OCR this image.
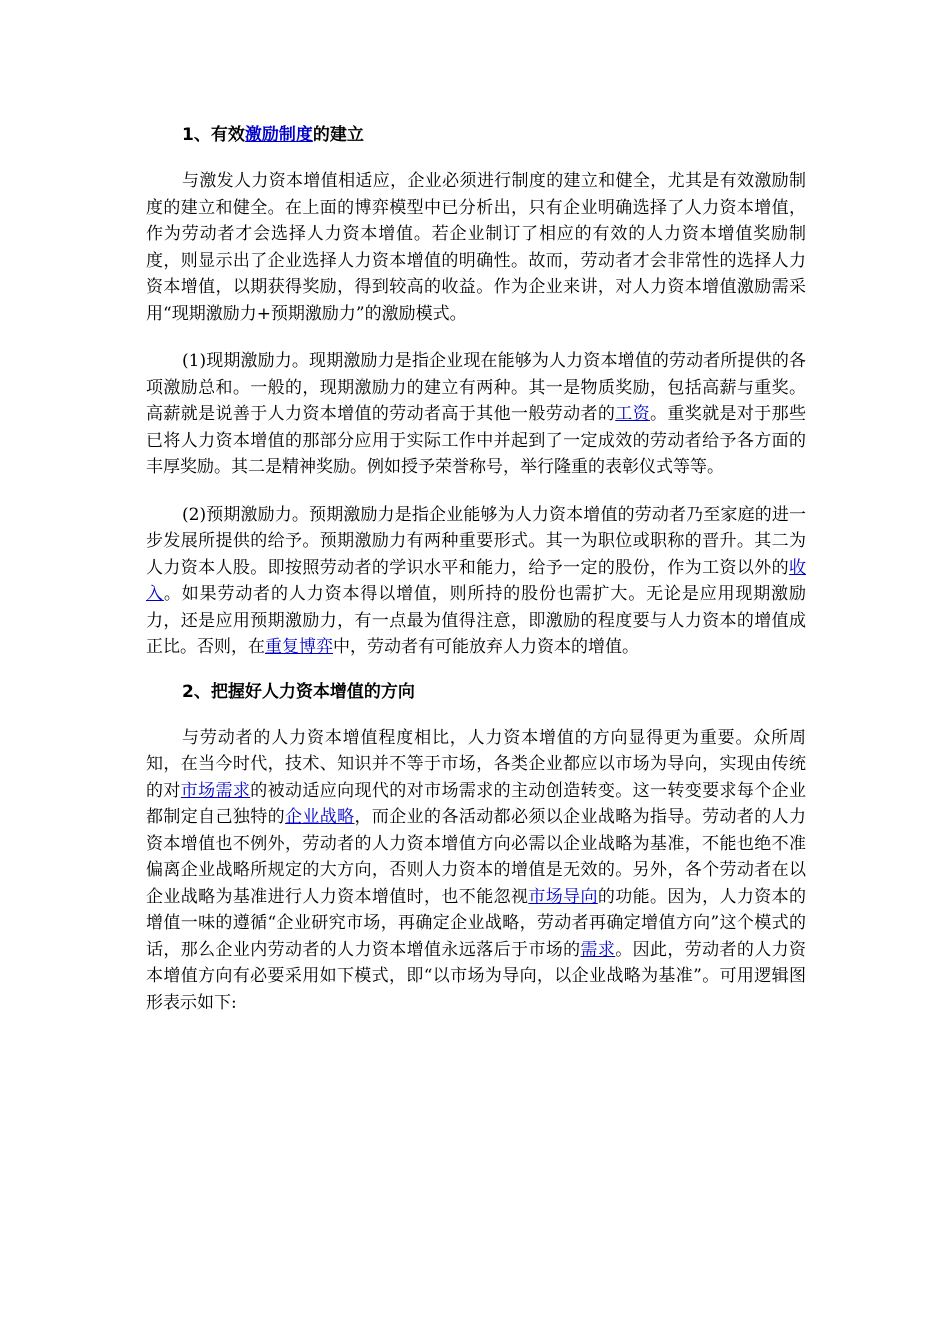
1、有效激励制度的建立

与激发人力资本增值相适应，企业必须进行制度的建立和健全，尤其是有效激励制度的建立和健全。在上面的博弈模型中已分析出，只有企业明确选择了人力资本增值，作为劳动者才会选择人力资本增值。若企业制订了相应的有效的人力资本增值奖励制度，则显示出了企业选择人力资本增值的明确性。故而，劳动者才会非常性的选择人力资本增值，以期获得奖励，得到较高的收益。作为企业来讲，对人力资本增值激励需采用“现期激励力+预期激励力”的激励模式。

(1)现期激励力。现期激励力是指企业现在能够为人力资本增值的劳动者所提供的各项激励总和。一般的，现期激励力的建立有两种。其一是物质奖励，包括高薪与重奖。高薪就是说善于人力资本增值的劳动者高于其他一般劳动者的工资。重奖就是对于那些已将人力资本增值的那部分应用于实际工作中并起到了一定成效的劳动者给予各方面的丰厚奖励。其二是精神奖励。例如授予荣誉称号，举行隆重的表彰仪式等等。

(2)预期激励力。预期激励力是指企业能够为人力资本增值的劳动者乃至家庭的进一步发展所提供的给予。预期激励力有两种重要形式。其一为职位或职称的晋升。其二为人力资本人股。即按照劳动者的学识水平和能力，给予一定的股份，作为工资以外的收入。如果劳动者的人力资本得以增值，则所持的股份也需扩大。无论是应用现期激励力，还是应用预期激励力，有一点最为值得注意，即激励的程度要与人力资本的增值成正比。否则，在重复博弈中，劳动者有可能放弃人力资本的增值。

2、把握好人力资本增值的方向

与劳动者的人力资本增值程度相比，人力资本增值的方向显得更为重要。众所周知，在当今时代，技术、知识并不等于市场，各类企业都应以市场为导向，实现由传统的对市场需求的被动适应向现代的对市场需求的主动创造转变。这一转变要求每个企业都制定自己独特的企业战略，而企业的各活动都必须以企业战略为指导。劳动者的人力资本增值也不例外，劳动者的人力资本增值方向必需以企业战略为基准，不能也绝不准偏离企业战略所规定的大方向，否则人力资本的增值是无效的。另外，各个劳动者在以企业战略为基准进行人力资本增值时，也不能忽视市场导向的功能。因为，人力资本的增值一味的遵循“企业研究市场，再确定企业战略，劳动者再确定增值方向”这个模式的话，那么企业内劳动者的人力资本增值永远落后于市场的需求。因此，劳动者的人力资本增值方向有必要采用如下模式，即“以市场为导向，以企业战略为基准”。可用逻辑图形表示如下:
